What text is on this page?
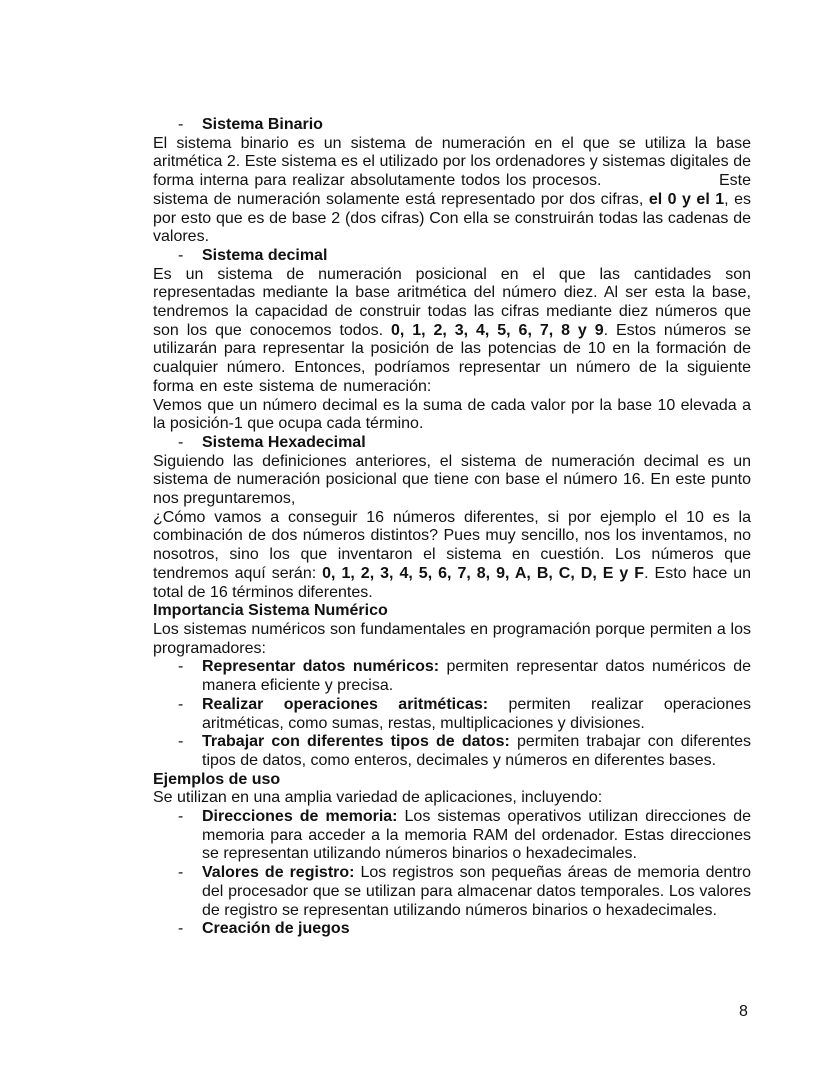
- Sistema Binario
El sistema binario es un sistema de numeración en el que se utiliza la base aritmética 2. Este sistema es el utilizado por los ordenadores y sistemas digitales de forma interna para realizar absolutamente todos los procesos.	Este sistema de numeración solamente está representado por dos cifras, el 0 y el 1, es por esto que es de base 2 (dos cifras) Con ella se construirán todas las cadenas de valores.
- Sistema decimal
Es un sistema de numeración posicional en el que las cantidades son representadas mediante la base aritmética del número diez. Al ser esta la base, tendremos la capacidad de construir todas las cifras mediante diez números que son los que conocemos todos. 0, 1, 2, 3, 4, 5, 6, 7, 8 y 9. Estos números se utilizarán para representar la posición de las potencias de 10 en la formación de cualquier número. Entonces, podríamos representar un número de la siguiente forma en este sistema de numeración:  Vemos que un número decimal es la suma de cada valor por la base 10 elevada a la posición-1 que ocupa cada término.
- Sistema Hexadecimal
Siguiendo las definiciones anteriores, el sistema de numeración decimal es un sistema de numeración posicional que tiene con base el número 16. En este punto nos preguntaremos,
¿Cómo vamos a conseguir 16 números diferentes, si por ejemplo el 10 es la combinación de dos números distintos? Pues muy sencillo, nos los inventamos, no nosotros, sino los que inventaron el sistema en cuestión. Los números que tendremos aquí serán: 0, 1, 2, 3, 4, 5, 6, 7, 8, 9, A, B, C, D, E y F. Esto hace un total de 16 términos diferentes.
Importancia Sistema Numérico
Los sistemas numéricos son fundamentales en programación porque permiten a los programadores:
- Representar datos numéricos: permiten representar datos numéricos de manera eficiente y precisa.
- Realizar operaciones aritméticas: permiten realizar operaciones aritméticas, como sumas, restas, multiplicaciones y divisiones.
- Trabajar con diferentes tipos de datos: permiten trabajar con diferentes tipos de datos, como enteros, decimales y números en diferentes bases.
Ejemplos de uso
Se utilizan en una amplia variedad de aplicaciones, incluyendo:
- Direcciones de memoria: Los sistemas operativos utilizan direcciones de memoria para acceder a la memoria RAM del ordenador. Estas direcciones se representan utilizando números binarios o hexadecimales.
- Valores de registro: Los registros son pequeñas áreas de memoria dentro del procesador que se utilizan para almacenar datos temporales. Los valores de registro se representan utilizando números binarios o hexadecimales.
- Creación de juegos
8
